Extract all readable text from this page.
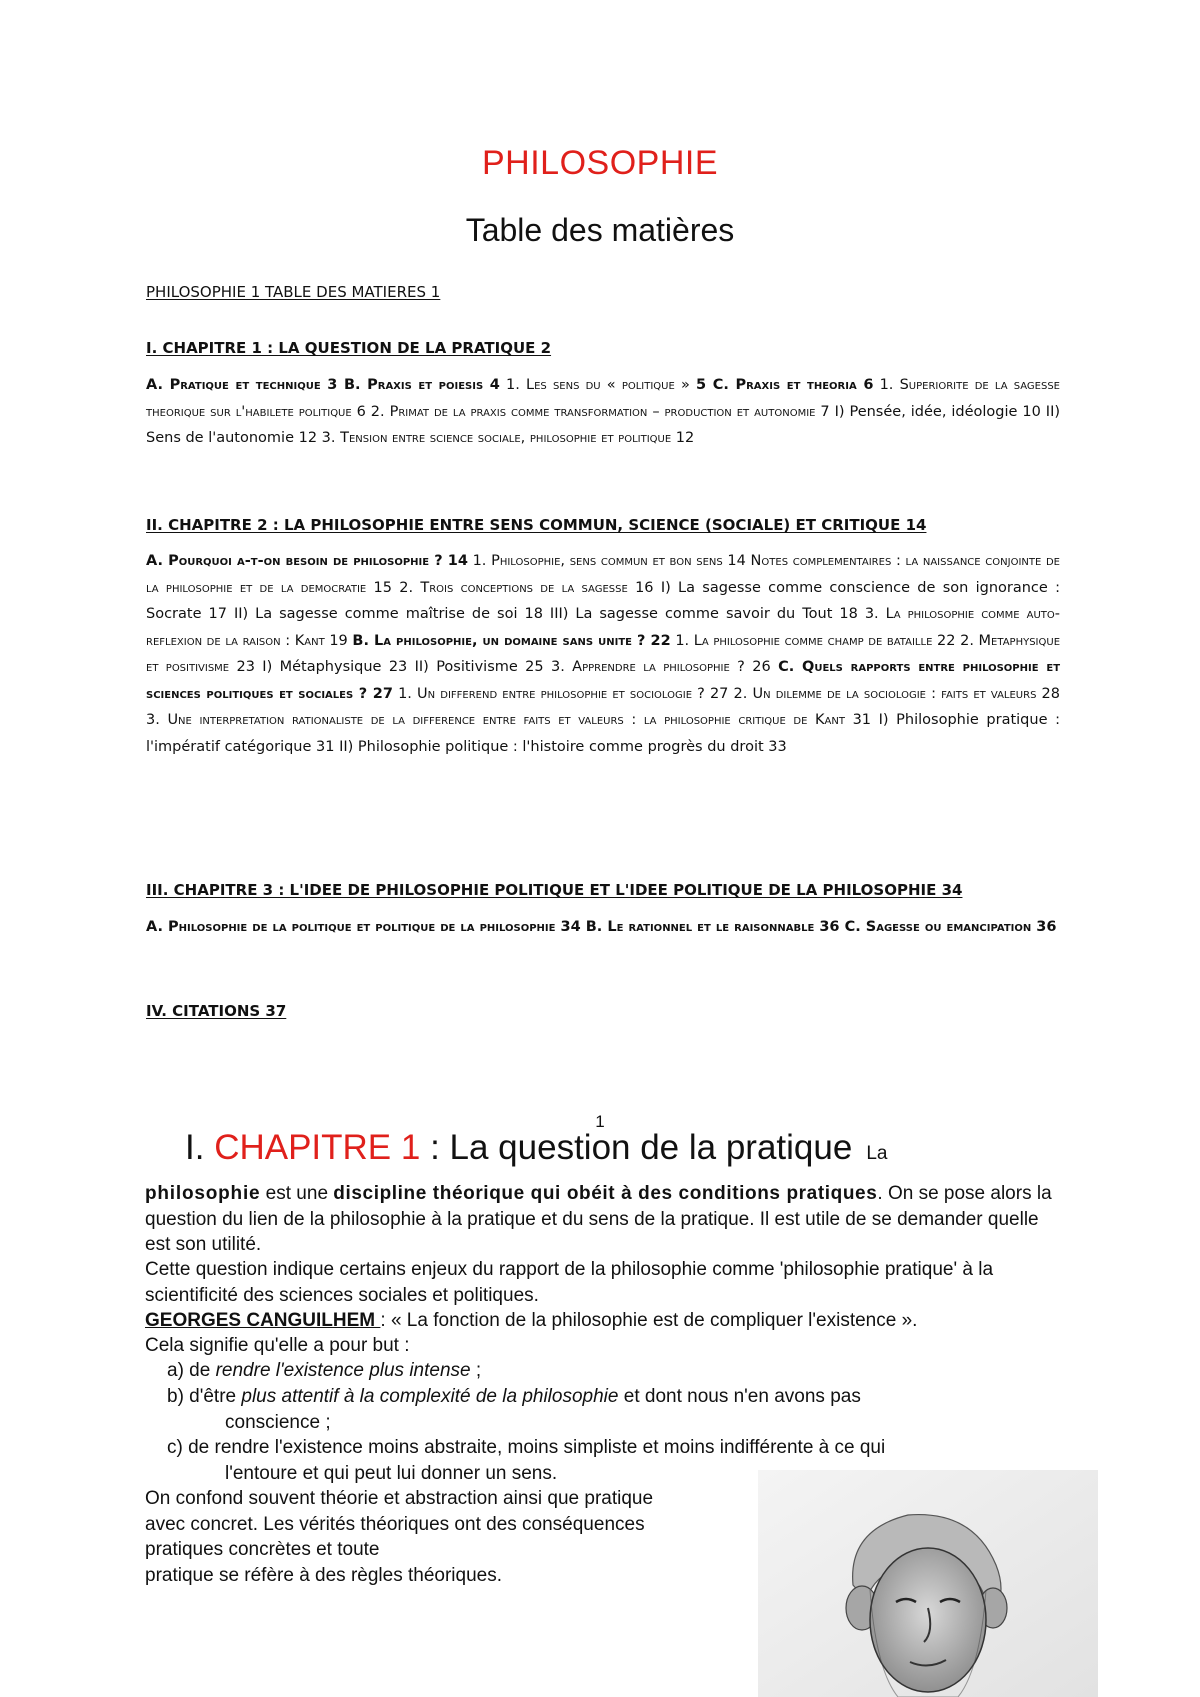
PHILOSOPHIE
Table des matières
PHILOSOPHIE 1 TABLE DES MATIERES 1
I. CHAPITRE 1 : LA QUESTION DE LA PRATIQUE 2
A. Pratique et technique 3 B. Praxis et poiesis 4 1. Les sens du « politique » 5 C. Praxis et theoria 6 1. Superiorite de la sagesse theorique sur l'habilete politique 6 2. Primat de la praxis comme transformation – production et autonomie 7 I) Pensée, idée, idéologie 10 II) Sens de l'autonomie 12 3. Tension entre science sociale, philosophie et politique 12
II. CHAPITRE 2 : LA PHILOSOPHIE ENTRE SENS COMMUN, SCIENCE (SOCIALE) ET CRITIQUE 14
A. Pourquoi a-t-on besoin de philosophie ? 14 1. Philosophie, sens commun et bon sens 14 Notes complementaires : la naissance conjointe de la philosophie et de la democratie 15 2. Trois conceptions de la sagesse 16 I) La sagesse comme conscience de son ignorance : Socrate 17 II) La sagesse comme maîtrise de soi 18 III) La sagesse comme savoir du Tout 18 3. La philosophie comme auto-reflexion de la raison : Kant 19 B. La philosophie, un domaine sans unite ? 22 1. La philosophie comme champ de bataille 22 2. Metaphysique et positivisme 23 I) Métaphysique 23 II) Positivisme 25 3. Apprendre la philosophie ? 26 C. Quels rapports entre philosophie et sciences politiques et sociales ? 27 1. Un differend entre philosophie et sociologie ? 27 2. Un dilemme de la sociologie : faits et valeurs 28 3. Une interpretation rationaliste de la difference entre faits et valeurs : la philosophie critique de Kant 31 I) Philosophie pratique : l'impératif catégorique 31 II) Philosophie politique : l'histoire comme progrès du droit 33
III. CHAPITRE 3 : L'IDEE DE PHILOSOPHIE POLITIQUE ET L'IDEE POLITIQUE DE LA PHILOSOPHIE 34
A. Philosophie de la politique et politique de la philosophie 34 B. Le rationnel et le raisonnable 36 C. Sagesse ou emancipation 36
IV. CITATIONS 37
1
I. CHAPITRE 1 : La question de la pratique La
philosophie est une discipline théorique qui obéit à des conditions pratiques. On se pose alors la question du lien de la philosophie à la pratique et du sens de la pratique. Il est utile de se demander quelle est son utilité.
Cette question indique certains enjeux du rapport de la philosophie comme 'philosophie pratique' à la scientificité des sciences sociales et politiques.
GEORGES CANGUILHEM : « La fonction de la philosophie est de compliquer l'existence ».
Cela signifie qu'elle a pour but :
a) de rendre l'existence plus intense ;
b) d'être plus attentif à la complexité de la philosophie et dont nous n'en avons pas
conscience ;
c) de rendre l'existence moins abstraite, moins simpliste et moins indifférente à ce qui
l'entoure et qui peut lui donner un sens.
On confond souvent théorie et abstraction ainsi que pratique
avec concret. Les vérités théoriques ont des conséquences
pratiques concrètes et toute
pratique se réfère à des règles théoriques.
